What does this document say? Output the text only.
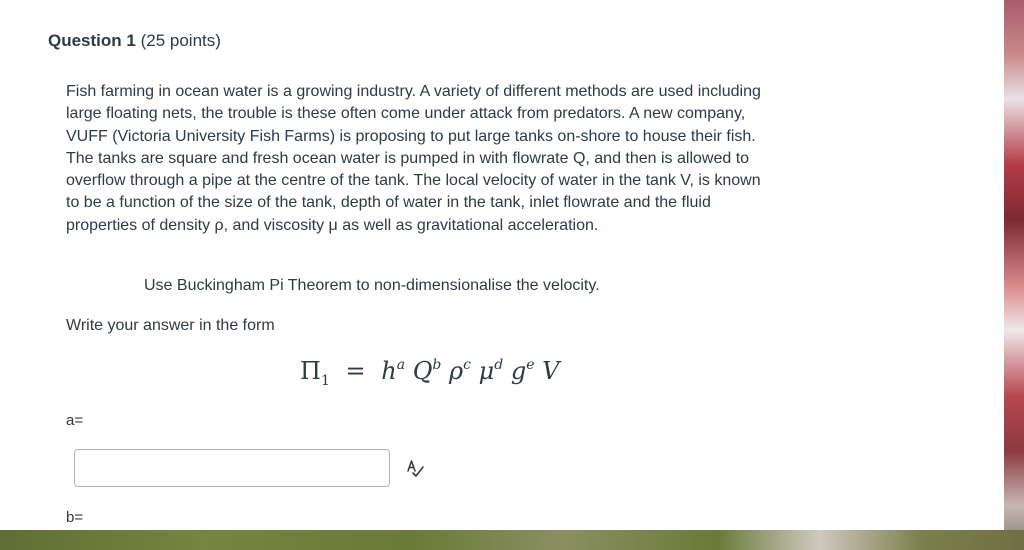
Question 1 (25 points)
Fish farming in ocean water is a growing industry. A variety of different methods are used including large floating nets, the trouble is these often come under attack from predators. A new company, VUFF (Victoria University Fish Farms) is proposing to put large tanks on-shore to house their fish. The tanks are square and fresh ocean water is pumped in with flowrate Q, and then is allowed to overflow through a pipe at the centre of the tank. The local velocity of water in the tank V, is known to be a function of the size of the tank, depth of water in the tank, inlet flowrate and the fluid properties of density ρ, and viscosity μ as well as gravitational acceleration.
Use Buckingham Pi Theorem to non-dimensionalise the velocity.
Write your answer in the form
$\Pi_1 = h^a$ $Q^b$ $\rho^c$ $\mu^d$ $g^e$ V
a=
b=
